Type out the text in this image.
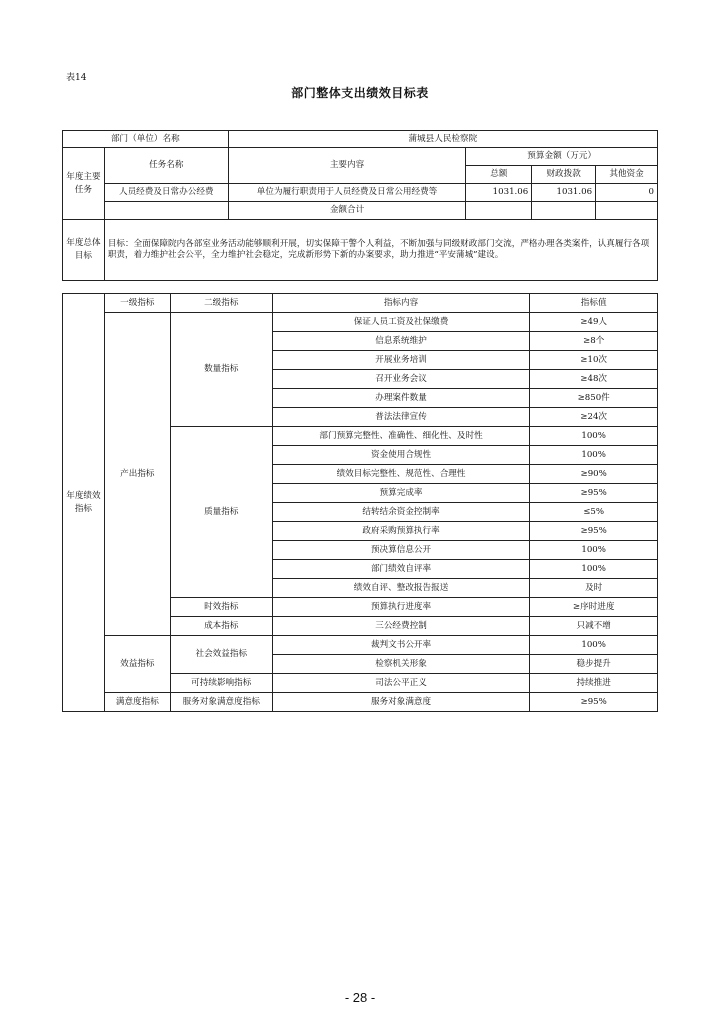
表14
部门整体支出绩效目标表
部门（单位）名称		蒲城县人民检察院			
年度主要任务	任务名称	主要内容	预算金额（万元）		
			总额	财政拨款	其他资金
	人员经费及日常办公经费	单位为履行职责用于人员经费及日常公用经费等	1031.06	1031.06	0
		金额合计			
年度总体目标	目标：全面保障院内各部室业务活动能够顺利开展，切实保障干警个人利益，不断加强与同级财政部门交流，严格办理各类案件，认真履行各项职责，着力维护社会公平，全力维护社会稳定，完成新形势下新的办案要求，助力推进“平安蒲城”建设。				
年度绩效指标	一级指标	二级指标	指标内容	指标值
	产出指标	数量指标	保证人员工资及社保缴费	≥49人
			信息系统维护	≥8个
			开展业务培训	≥10次
			召开业务会议	≥48次
			办理案件数量	≥850件
			普法法律宣传	≥24次
		质量指标	部门预算完整性、准确性、细化性、及时性	100%
			资金使用合规性	100%
			绩效目标完整性、规范性、合理性	≥90%
			预算完成率	≥95%
			结转结余资金控制率	≤5%
			政府采购预算执行率	≥95%
			预决算信息公开	100%
			部门绩效自评率	100%
			绩效自评、整改报告报送	及时
		时效指标	预算执行进度率	≥序时进度
		成本指标	三公经费控制	只减不增
	效益指标	社会效益指标	裁判文书公开率	100%
			检察机关形象	稳步提升
		可持续影响指标	司法公平正义	持续推进
	满意度指标	服务对象满意度指标	服务对象满意度	≥95%
- 28 -
